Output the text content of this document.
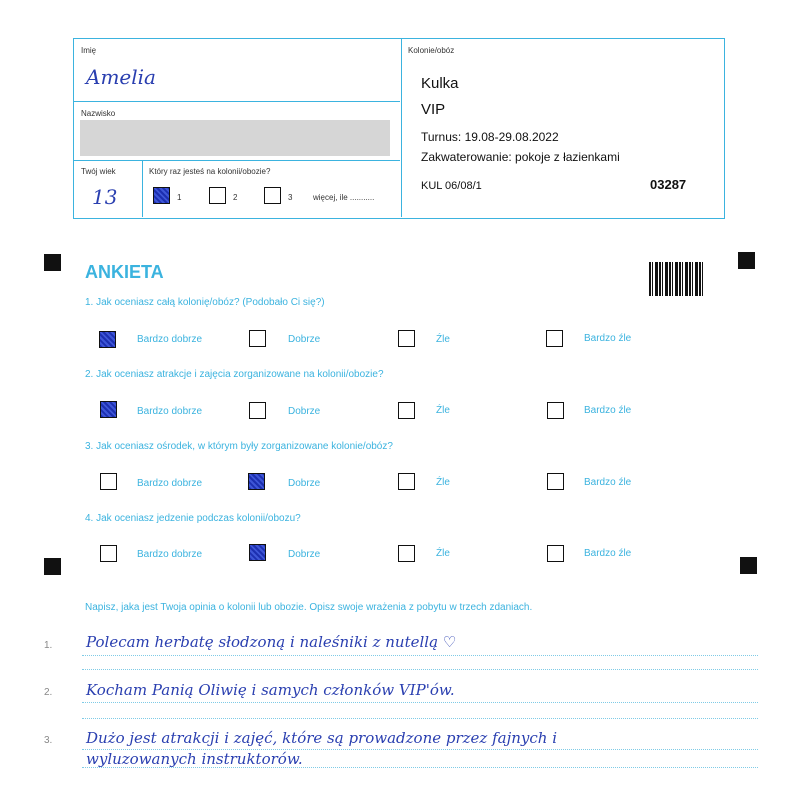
Imię
Amelia
Nazwisko
Twój wiek
13
Który raz jesteś na kolonii/obozie?
1	2	3	więcej, ile ...........
Kolonie/obóz
Kulka
VIP
Turnus: 19.08-29.08.2022
Zakwaterowanie: pokoje z łazienkami
KUL 06/08/1	03287
ANKIETA
1. Jak oceniasz całą kolonię/obóz? (Podobało Ci się?)
Bardzo dobrze	Dobrze	Źle	Bardzo źle
2. Jak oceniasz atrakcje i zajęcia zorganizowane na kolonii/obozie?
Bardzo dobrze	Dobrze	Źle	Bardzo źle
3. Jak oceniasz ośrodek, w którym były zorganizowane kolonie/obóz?
Bardzo dobrze	Dobrze	Źle	Bardzo źle
4. Jak oceniasz jedzenie podczas kolonii/obozu?
Bardzo dobrze	Dobrze	Źle	Bardzo źle
Napisz, jaka jest Twoja opinia o kolonii lub obozie. Opisz swoje wrażenia z pobytu w trzech zdaniach.
1. Polecam herbatę słodzoną i naleśniki z nutellą ♡
2. Kocham Panią Oliwię i samych członków VIP'ów.
3. Dużo jest atrakcji i zajęć, które są prowadzone przez fajnych i
wyluzowanych instruktorów.
